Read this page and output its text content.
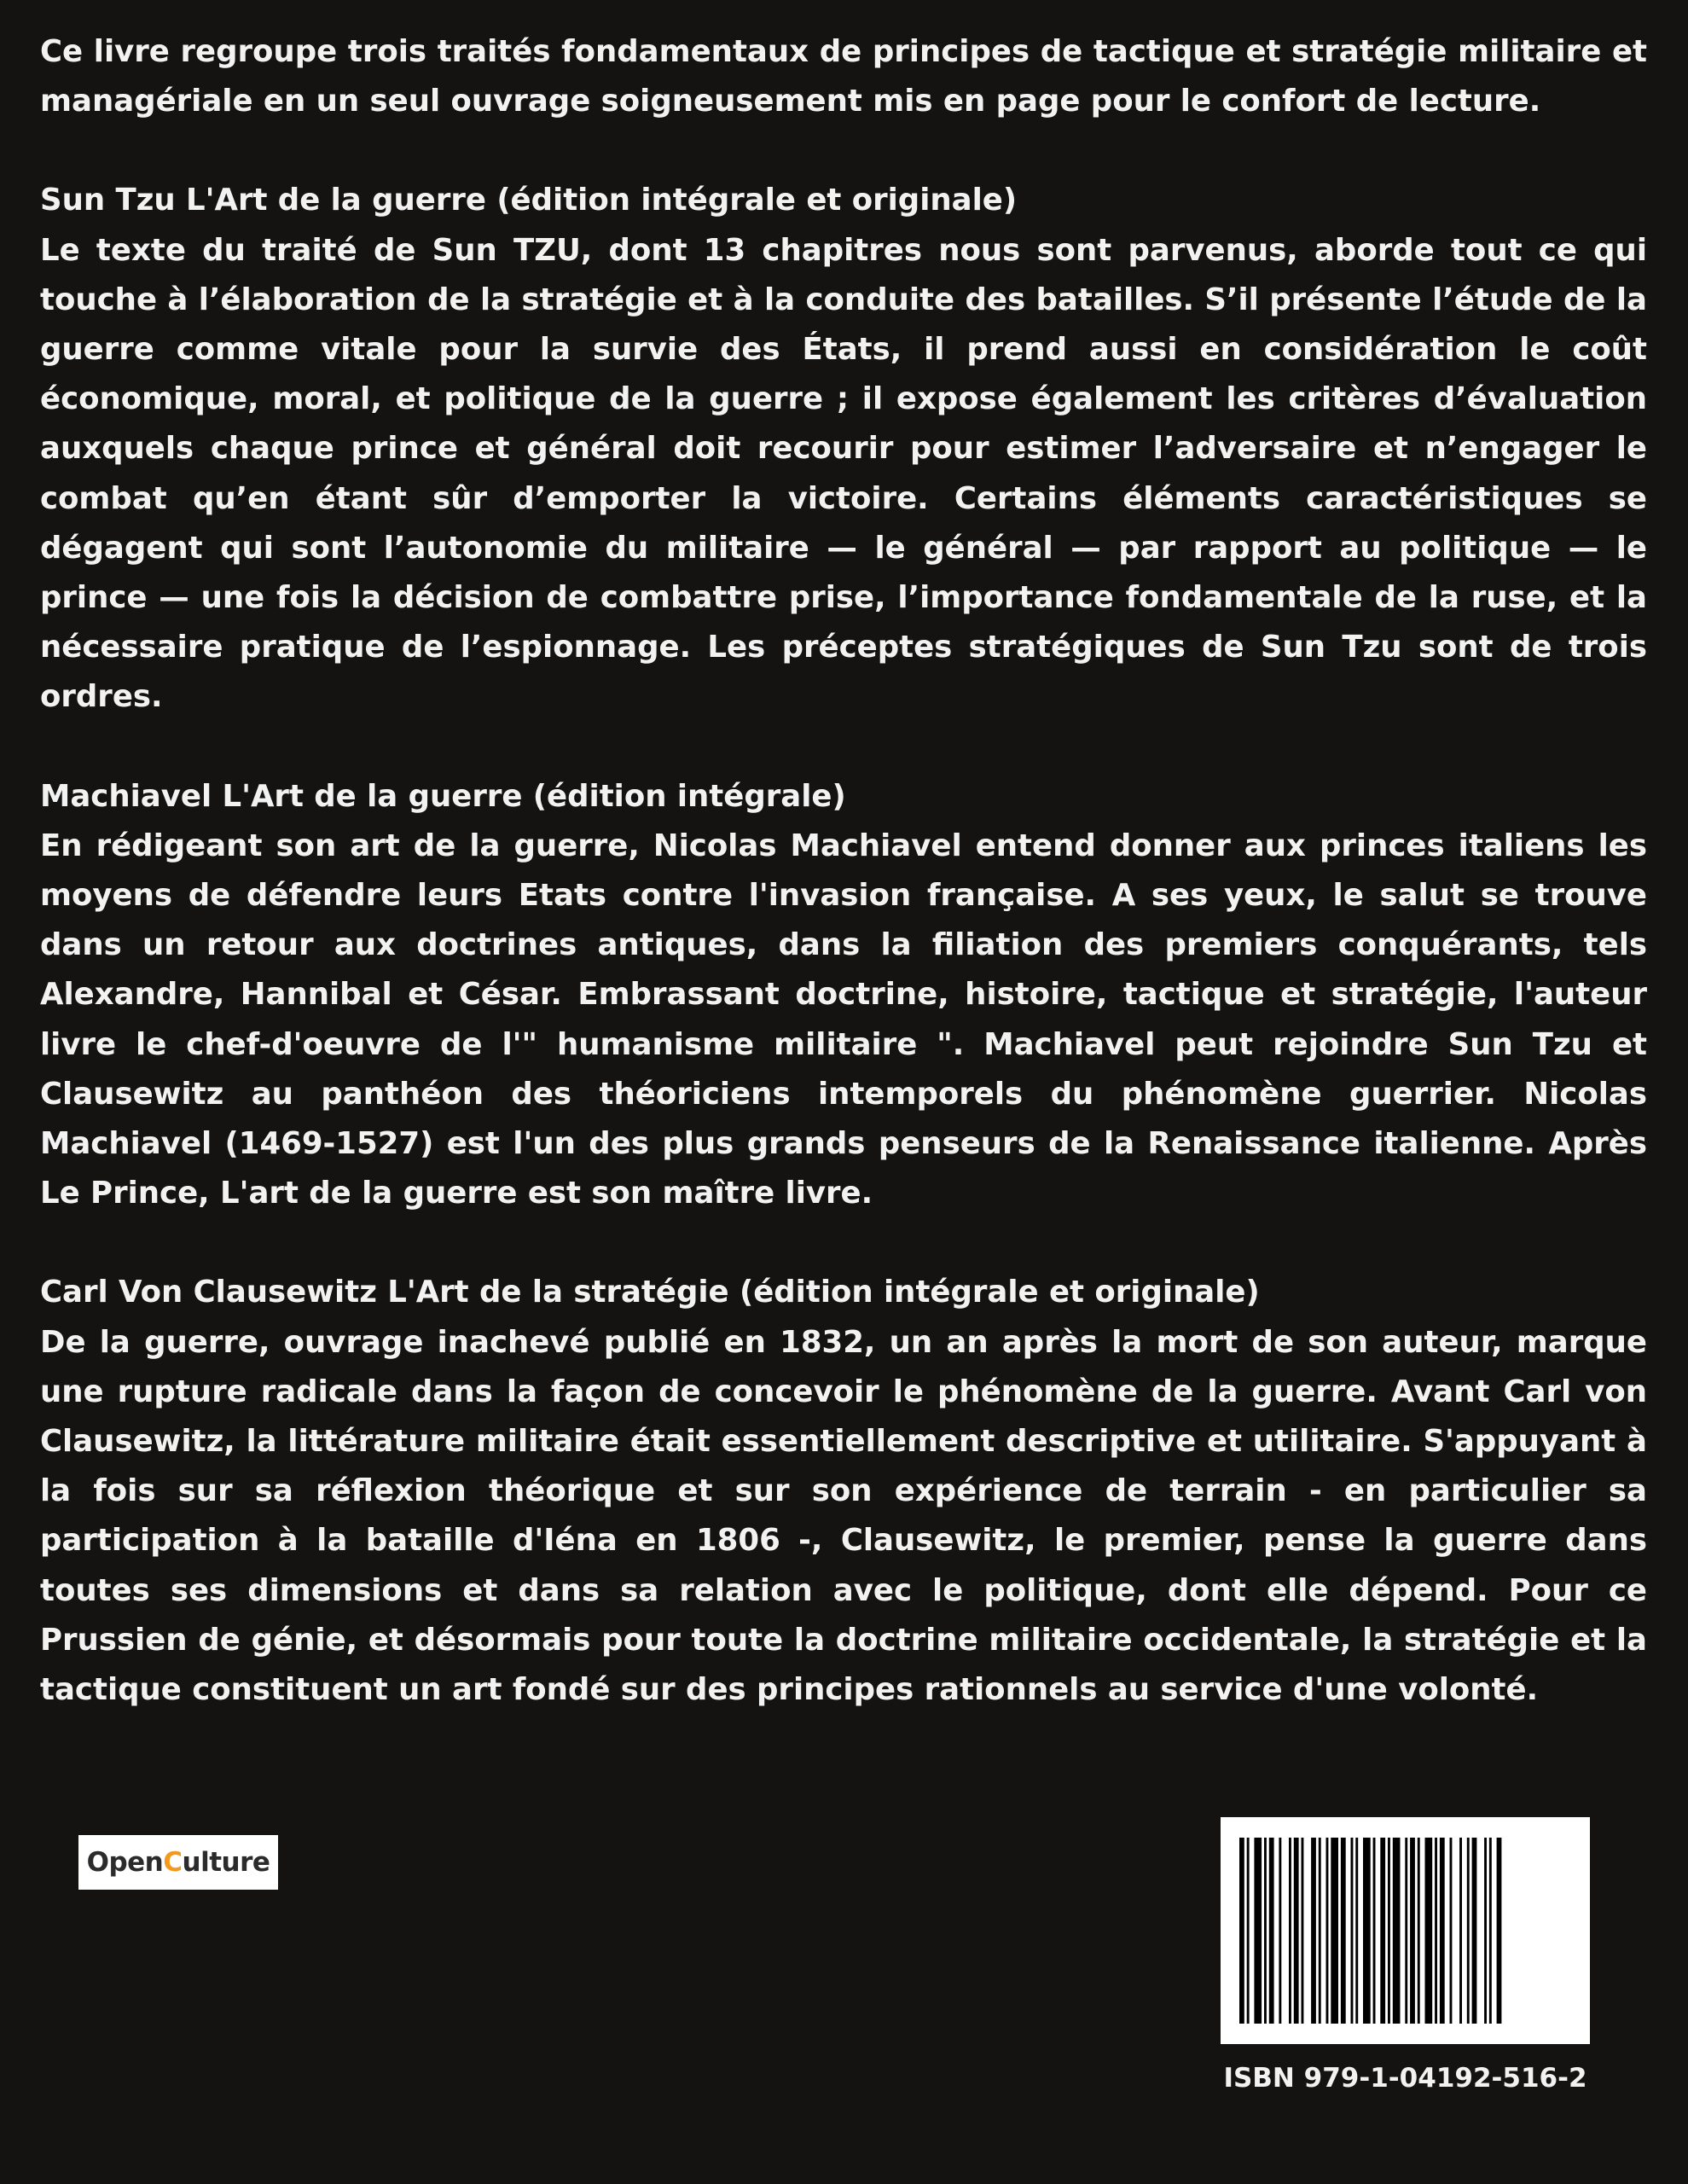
Ce livre regroupe trois traités fondamentaux de principes de tactique et stratégie militaire et managériale en un seul ouvrage soigneusement mis en page pour le confort de lecture.

Sun Tzu L'Art de la guerre (édition intégrale et originale)

Le texte du traité de Sun TZU, dont 13 chapitres nous sont parvenus, aborde tout ce qui touche à l’élaboration de la stratégie et à la conduite des batailles. S’il présente l’étude de la guerre comme vitale pour la survie des États, il prend aussi en considération le coût économique, moral, et politique de la guerre ; il expose également les critères d’évaluation auxquels chaque prince et général doit recourir pour estimer l’adversaire et n’engager le combat qu’en étant sûr d’emporter la victoire. Certains éléments caractéristiques se dégagent qui sont l’autonomie du militaire — le général — par rapport au politique — le prince — une fois la décision de combattre prise, l’importance fondamentale de la ruse, et la nécessaire pratique de l’espionnage. Les préceptes stratégiques de Sun Tzu sont de trois ordres.

Machiavel L'Art de la guerre (édition intégrale)

En rédigeant son art de la guerre, Nicolas Machiavel entend donner aux princes italiens les moyens de défendre leurs Etats contre l'invasion française. A ses yeux, le salut se trouve dans un retour aux doctrines antiques, dans la filiation des premiers conquérants, tels Alexandre, Hannibal et César. Embrassant doctrine, histoire, tactique et stratégie, l'auteur livre le chef-d'oeuvre de l'" humanisme militaire ". Machiavel peut rejoindre Sun Tzu et Clausewitz au panthéon des théoriciens intemporels du phénomène guerrier. Nicolas Machiavel (1469-1527) est l'un des plus grands penseurs de la Renaissance italienne. Après Le Prince, L'art de la guerre est son maître livre.

Carl Von Clausewitz L'Art de la stratégie (édition intégrale et originale)

De la guerre, ouvrage inachevé publié en 1832, un an après la mort de son auteur, marque une rupture radicale dans la façon de concevoir le phénomène de la guerre. Avant Carl von Clausewitz, la littérature militaire était essentiellement descriptive et utilitaire. S'appuyant à la fois sur sa réflexion théorique et sur son expérience de terrain - en particulier sa participation à la bataille d'Iéna en 1806 -, Clausewitz, le premier, pense la guerre dans toutes ses dimensions et dans sa relation avec le politique, dont elle dépend. Pour ce Prussien de génie, et désormais pour toute la doctrine militaire occidentale, la stratégie et la tactique constituent un art fondé sur des principes rationnels au service d'une volonté.

Open C ulture
ISBN 979-1-04192-516-2
